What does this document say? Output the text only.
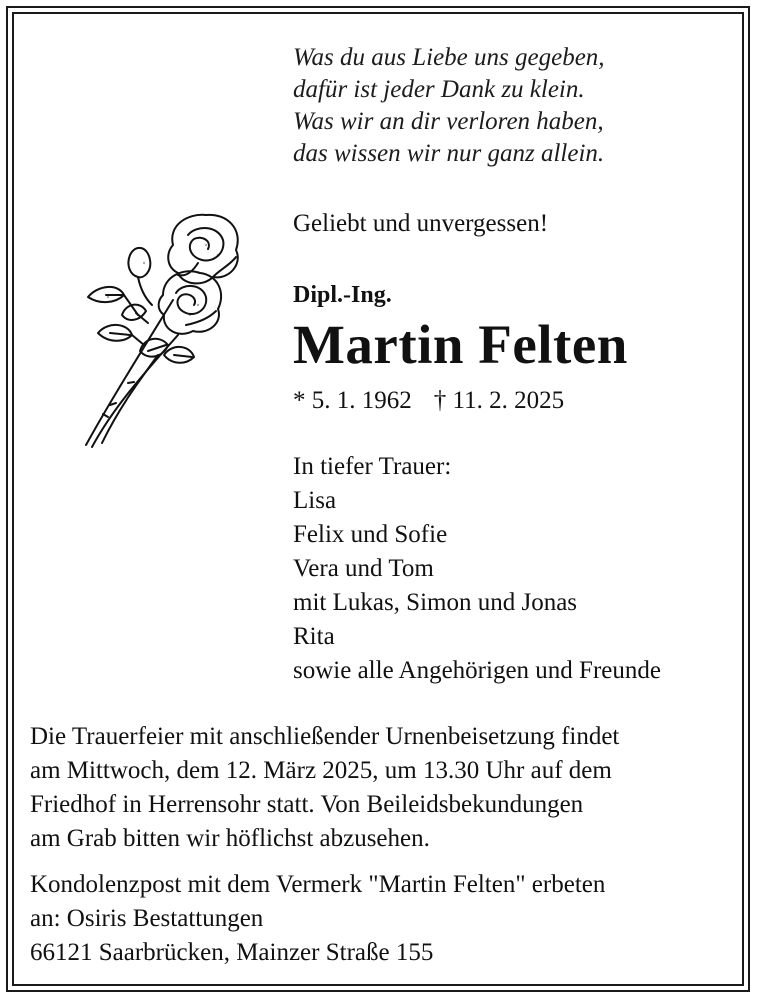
Was du aus Liebe uns gegeben,
dafür ist jeder Dank zu klein.
Was wir an dir verloren haben,
das wissen wir nur ganz allein.
Geliebt und unvergessen!
Dipl.-Ing.
Martin Felten
* 5. 1. 1962 † 11. 2. 2025
In tiefer Trauer:
Lisa
Felix und Sofie
Vera und Tom
mit Lukas, Simon und Jonas
Rita
sowie alle Angehörigen und Freunde
Die Trauerfeier mit anschließender Urnenbeisetzung findet
am Mittwoch, dem 12. März 2025, um 13.30 Uhr auf dem
Friedhof in Herrensohr statt. Von Beileidsbekundungen
am Grab bitten wir höflichst abzusehen.
Kondolenzpost mit dem Vermerk "Martin Felten" erbeten
an: Osiris Bestattungen
66121 Saarbrücken, Mainzer Straße 155
